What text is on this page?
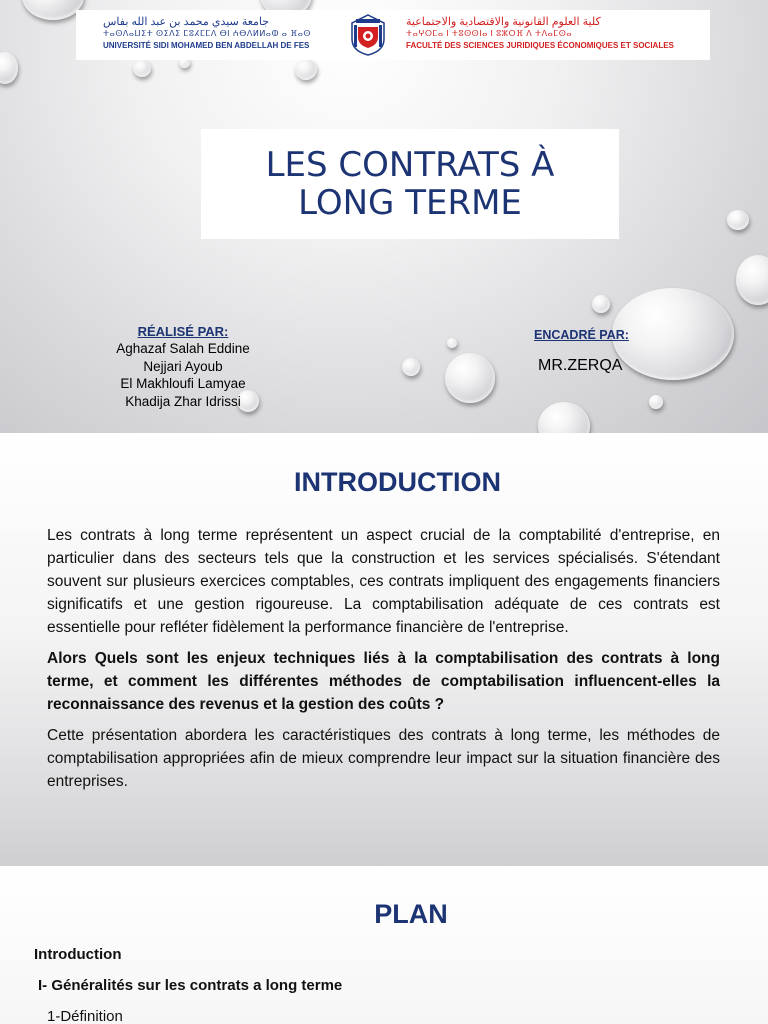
جامعة سيدي محمد بن عبد الله بفاس
ⵜⴰⵙⴷⴰⵡⵉⵜ ⵙⵉⴷⵉ ⵎⵓⵃⵎⵎⴷ ⴱⵏ ⵄⴱⴷⵍⵍⴰⵀ ⴰ ⴼⴰⵙ
UNIVERSITÉ SIDI MOHAMED BEN ABDELLAH DE FES
كلية العلوم القانونية والاقتصادية والاجتماعية
ⵜⴰⵖⵔⵎⴰ ⵏ ⵜⵓⵙⵙⵏⴰ ⵏ ⵓⵣⵔⴼ ⴷ ⵜⴷⴰⵎⵙⴰ
FACULTÉ DES SCIENCES JURIDIQUES ÉCONOMIQUES ET SOCIALES
LES CONTRATS À LONG TERME
RÉALISÉ PAR:
Aghazaf Salah Eddine
Nejjari Ayoub
El Makhloufi Lamyae
Khadija Zhar Idrissi
ENCADRÉ PAR:
MR.ZERQA
INTRODUCTION

Les contrats à long terme représentent un aspect crucial de la comptabilité d'entreprise, en particulier dans des secteurs tels que la construction et les services spécialisés. S'étendant souvent sur plusieurs exercices comptables, ces contrats impliquent des engagements financiers significatifs et une gestion rigoureuse. La comptabilisation adéquate de ces contrats est essentielle pour refléter fidèlement la performance financière de l'entreprise.

Alors Quels sont les enjeux techniques liés à la comptabilisation des contrats à long terme, et comment les différentes méthodes de comptabilisation influencent-elles la reconnaissance des revenus et la gestion des coûts ?

Cette présentation abordera les caractéristiques des contrats à long terme, les méthodes de comptabilisation appropriées afin de mieux comprendre leur impact sur la situation financière des entreprises.

PLAN
Introduction
I- Généralités sur les contrats a long terme
1-Définition
